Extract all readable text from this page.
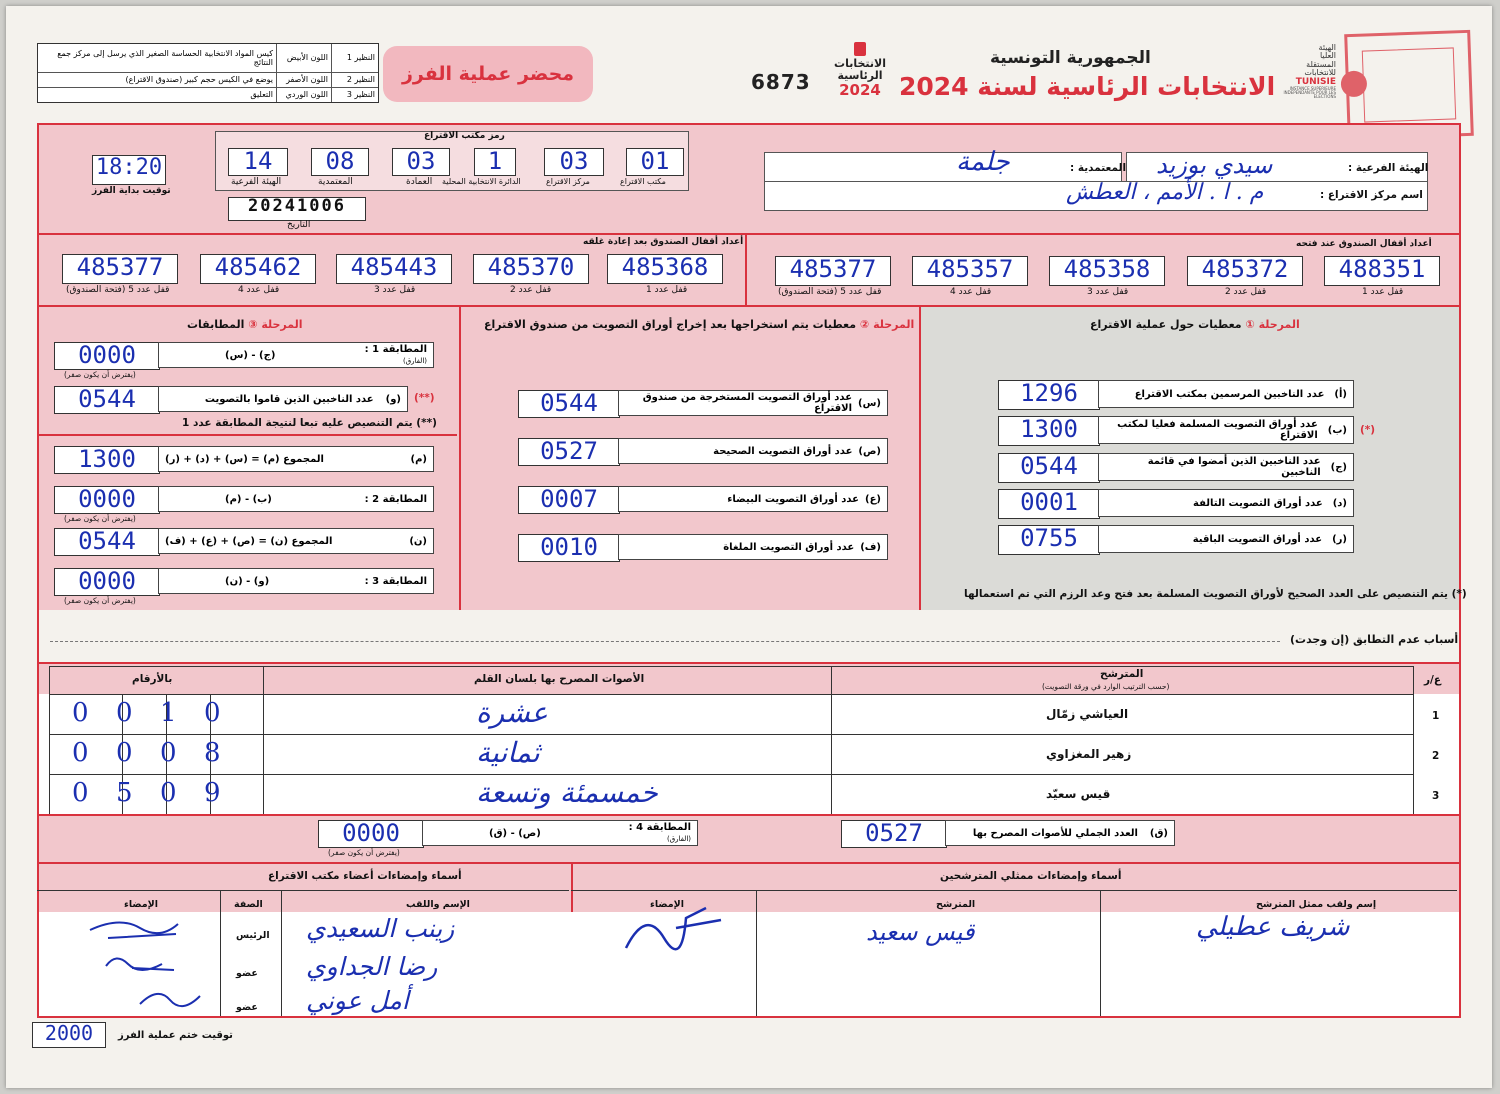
النظير 1	اللون الأبيض	كيس المواد الانتخابية الحساسة الصغير الذي يرسل إلى مركز جمع النتائج
النظير 2	اللون الأصفر	يوضع في الكيس حجم كبير (صندوق الاقتراع)
النظير 3	اللون الوردي	التعليق
محضر عملية الفرز	6873
الانتخابات
الرئاسية
2024
الجمهورية التونسية
الانتخابات الرئاسية لسنة 2024
الهيئة
العليا
المستقلة
للانتخابات
TUNISIE
INSTANCE SUPERIEURE INDEPENDANTE POUR LES ELECTIONS
18:20
توقيت بداية الفرز
رمز مكتب الاقتراع
14
الهيئة الفرعية
08
المعتمدية
03
العمادة
1
الدائرة الانتخابية المحلية
03
مركز الاقتراع
01
مكتب الاقتراع
20241006
التاريخ
الهيئة الفرعية :
سيدي بوزيد
المعتمدية :
جلمة
اسم مركز الاقتراع :
م . ا . الأمم ، العطش
أعداد أقفال الصندوق بعد إعادة غلقه	أعداد أقفال الصندوق عند فتحه
485368
قفل عدد 1
485370
قفل عدد 2
485443
قفل عدد 3
485462
قفل عدد 4
485377
قفل عدد 5 (فتحة الصندوق)
488351
قفل عدد 1
485372
قفل عدد 2
485358
قفل عدد 3
485357
قفل عدد 4
485377
قفل عدد 5 (فتحة الصندوق)
المرحلة ① معطيات حول عملية الاقتراع
1296	(أ)
عدد الناخبين المرسمين بمكتب الاقتراع
1300	(ب)
عدد أوراق التصويت المسلمة فعليا لمكتب الاقتراع	(*)
0544	(ج)
عدد الناخبين الذين أمضوا في قائمة الناخبين
0001	(د)
عدد أوراق التصويت التالفة
0755	(ر)
عدد أوراق التصويت الباقية
(*) يتم التنصيص على العدد الصحيح لأوراق التصويت المسلمة بعد فتح وعد الرزم التي تم استعمالها
المرحلة ② معطيات يتم استخراجها بعد إخراج أوراق التصويت من صندوق الاقتراع
0544	(س)
عدد أوراق التصويت المستخرجة من صندوق الاقتراع
0527	(ص)
عدد أوراق التصويت الصحيحة
0007	(ع)
عدد أوراق التصويت البيضاء
0010	(ف)
عدد أوراق التصويت الملغاة
المرحلة ③ المطابقات
0000	المطابقة 1 :
(الفارق)
(ج) - (س)
(يفترض أن يكون صفر)
0544	(و)
عدد الناخبين الذين قاموا بالتصويت	(**)
(**) يتم التنصيص عليه تبعا لنتيجة المطابقة عدد 1
1300	(م)
المجموع (م) = (س) + (د) + (ر)
0000	المطابقة 2 :
(ب) - (م)
(يفترض أن يكون صفر)
0544	(ن)
المجموع (ن) = (ص) + (ع) + (ف)
0000	المطابقة 3 :
(و) - (ن)
(يفترض أن يكون صفر)
أسباب عدم التطابق (إن وجدت)
ع/ر
المترشح
(حسب الترتيب الوارد في ورقة التصويت)
الأصوات المصرح بها بلسان القلم
بالأرقام
1
العياشي زمّال
عشرة
0 0 1 0
2
زهير المغزاوي
ثمانية
0 0 0 8
3
قيس سعيّد
خمسمئة وتسعة
0 5 0 9
0527	(ق)
العدد الجملي للأصوات المصرح بها
0000	المطابقة 4 :
(الفارق)
(ص) - (ق)
(يفترض أن يكون صفر)
أسماء وإمضاءات ممثلي المترشحين
إسم ولقب ممثل المترشح
المترشح
الإمضاء
شريف عطيلي
قيس سعيد
أسماء وإمضاءات أعضاء مكتب الاقتراع
الإسم واللقب
الصفة
الإمضاء
زينب السعيدي
الرئيس
رضا الجداوي
عضو
أمل عوني
عضو
2000	توقيت ختم عملية الفرز
